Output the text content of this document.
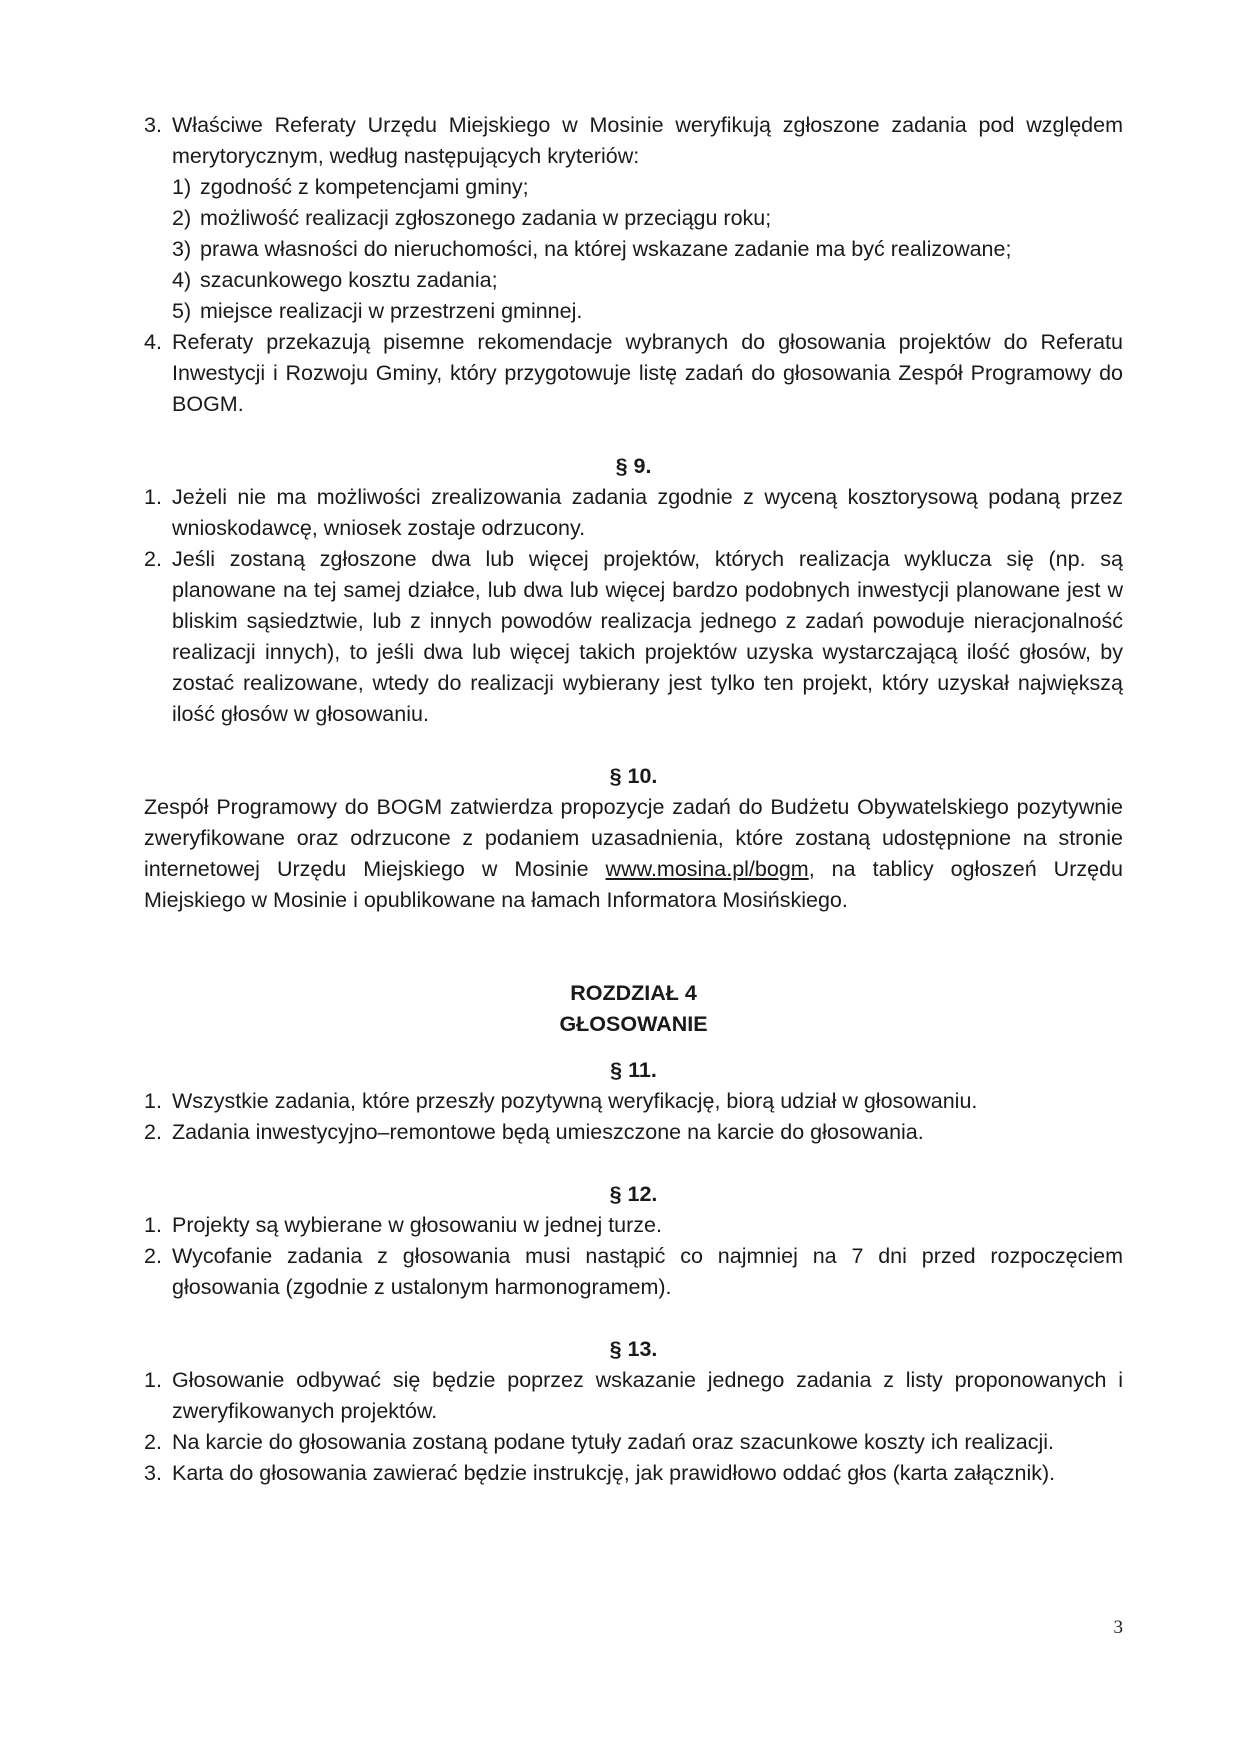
3. Właściwe Referaty Urzędu Miejskiego w Mosinie weryfikują zgłoszone zadania pod względem merytorycznym, według następujących kryteriów:

1) zgodność z kompetencjami gminy;
2) możliwość realizacji zgłoszonego zadania w przeciągu roku;
3) prawa własności do nieruchomości, na której wskazane zadanie ma być realizowane;
4) szacunkowego kosztu zadania;
5) miejsce realizacji w przestrzeni gminnej.
4. Referaty przekazują pisemne rekomendacje wybranych do głosowania projektów do Referatu Inwestycji i Rozwoju Gminy, który przygotowuje listę zadań do głosowania Zespół Programowy do BOGM.

§ 9.

1. Jeżeli nie ma możliwości zrealizowania zadania zgodnie z wyceną kosztorysową podaną przez wnioskodawcę, wniosek zostaje odrzucony.

2. Jeśli zostaną zgłoszone dwa lub więcej projektów, których realizacja wyklucza się (np. są planowane na tej samej działce, lub dwa lub więcej bardzo podobnych inwestycji planowane jest w bliskim sąsiedztwie, lub z innych powodów realizacja jednego z zadań powoduje nieracjonalność realizacji innych), to jeśli dwa lub więcej takich projektów uzyska wystarczającą ilość głosów, by zostać realizowane, wtedy do realizacji wybierany jest tylko ten projekt, który uzyskał największą ilość głosów w głosowaniu.

§ 10.

Zespół Programowy do BOGM zatwierdza propozycje zadań do Budżetu Obywatelskiego pozytywnie zweryfikowane oraz odrzucone z podaniem uzasadnienia, które zostaną udostępnione na stronie internetowej Urzędu Miejskiego w Mosinie www.mosina.pl/bogm, na tablicy ogłoszeń Urzędu Miejskiego w Mosinie i opublikowane na łamach Informatora Mosińskiego.

ROZDZIAŁ 4

GŁOSOWANIE

§ 11.

1. Wszystkie zadania, które przeszły pozytywną weryfikację, biorą udział w głosowaniu.

2. Zadania inwestycyjno–remontowe będą umieszczone na karcie do głosowania.

§ 12.

1. Projekty są wybierane w głosowaniu w jednej turze.

2. Wycofanie zadania z głosowania musi nastąpić co najmniej na 7 dni przed rozpoczęciem głosowania (zgodnie z ustalonym harmonogramem).

§ 13.

1. Głosowanie odbywać się będzie poprzez wskazanie jednego zadania z listy proponowanych i zweryfikowanych projektów.

2. Na karcie do głosowania zostaną podane tytuły zadań oraz szacunkowe koszty ich realizacji.

3. Karta do głosowania zawierać będzie instrukcję, jak prawidłowo oddać głos (karta załącznik).

3
